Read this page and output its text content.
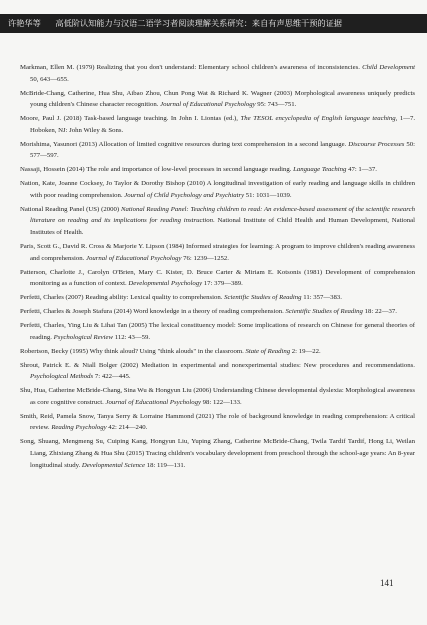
许艳华等 高低阶认知能力与汉语二语学习者阅读理解关系研究：来自有声思维干预的证据
Markman, Ellen M. (1979) Realizing that you don't understand: Elementary school children's awareness of inconsistencies. Child Development 50, 643—655.
McBride-Chang, Catherine, Hua Shu, Aibao Zhou, Chun Pong Wat & Richard K. Wagner (2003) Morphological awareness uniquely predicts young children's Chinese character recognition. Journal of Educational Psychology 95: 743—751.
Moore, Paul J. (2018) Task-based language teaching. In John I. Liontas (ed.), The TESOL encyclopedia of English language teaching, 1—7. Hoboken, NJ: John Wiley & Sons.
Morishima, Yasunori (2013) Allocation of limited cognitive resources during text comprehension in a second language. Discourse Processes 50: 577—597.
Nassaji, Hossein (2014) The role and importance of low-level processes in second language reading. Language Teaching 47: 1—37.
Nation, Kate, Joanne Cocksey, Jo Taylor & Dorothy Bishop (2010) A longitudinal investigation of early reading and language skills in children with poor reading comprehension. Journal of Child Psychology and Psychiatry 51: 1031—1039.
National Reading Panel (US) (2000) National Reading Panel: Teaching children to read: An evidence-based assessment of the scientific research literature on reading and its implications for reading instruction. National Institute of Child Health and Human Development, National Institutes of Health.
Paris, Scott G., David R. Cross & Marjorie Y. Lipson (1984) Informed strategies for learning: A program to improve children's reading awareness and comprehension. Journal of Educational Psychology 76: 1239—1252.
Patterson, Charlotte J., Carolyn O'Brien, Mary C. Kister, D. Bruce Carter & Miriam E. Kotsonis (1981) Development of comprehension monitoring as a function of context. Developmental Psychology 17: 379—389.
Perfetti, Charles (2007) Reading ability: Lexical quality to comprehension. Scientific Studies of Reading 11: 357—383.
Perfetti, Charles & Joseph Stafura (2014) Word knowledge in a theory of reading comprehension. Scientific Studies of Reading 18: 22—37.
Perfetti, Charles, Ying Liu & Lihai Tan (2005) The lexical constituency model: Some implications of research on Chinese for general theories of reading. Psychological Review 112: 43—59.
Robertson, Becky (1995) Why think aloud? Using "think alouds" in the classroom. State of Reading 2: 19—22.
Shrout, Patrick E. & Niall Bolger (2002) Mediation in experimental and nonexperimental studies: New procedures and recommendations. Psychological Methods 7: 422—445.
Shu, Hua, Catherine McBride-Chang, Sina Wu & Hongyun Liu (2006) Understanding Chinese developmental dyslexia: Morphological awareness as core cognitive construct. Journal of Educational Psychology 98: 122—133.
Smith, Reid, Pamela Snow, Tanya Serry & Lorraine Hammond (2021) The role of background knowledge in reading comprehension: A critical review. Reading Psychology 42: 214—240.
Song, Shuang, Mengmeng Su, Cuiping Kang, Hongyun Liu, Yuping Zhang, Catherine McBride-Chang, Twila Tardif Tardif, Hong Li, Weilan Liang, Zhixiang Zhang & Hua Shu (2015) Tracing children's vocabulary development from preschool through the school-age years: An 8-year longitudinal study. Developmental Science 18: 119—131.
141
